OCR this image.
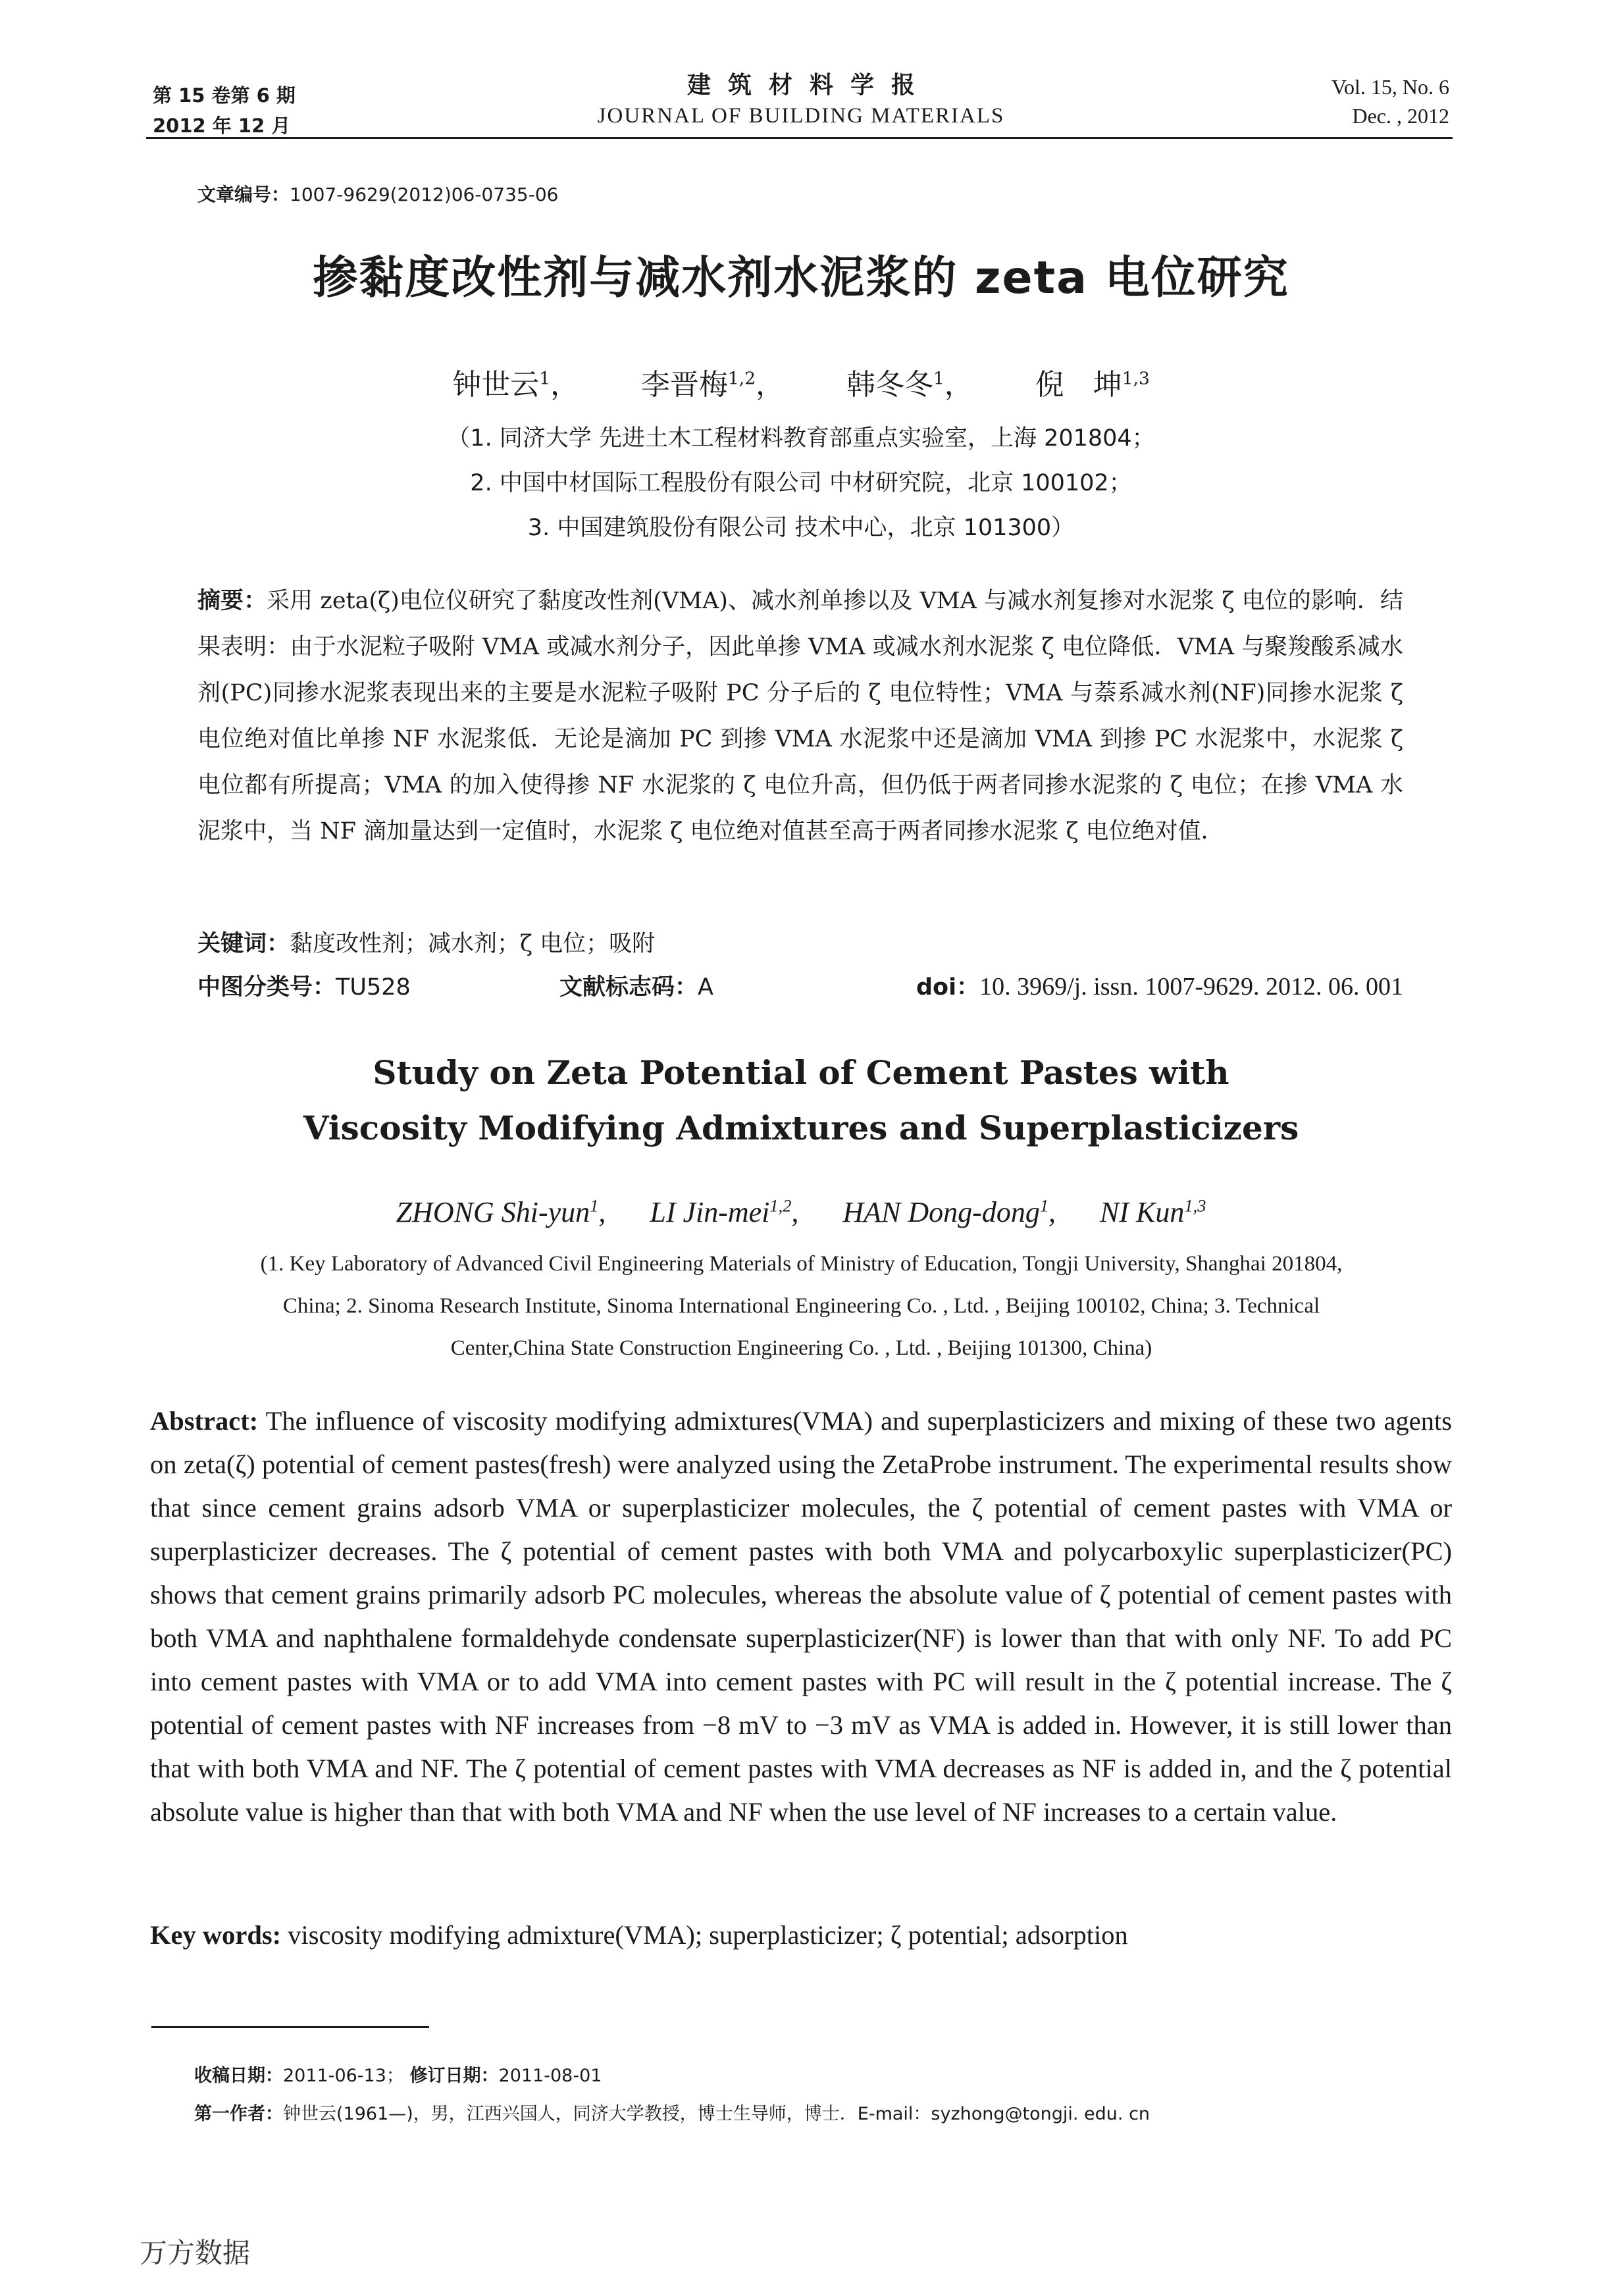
第 15 卷第 6 期
2012 年 12 月
建筑材料学报
JOURNAL OF BUILDING MATERIALS
Vol. 15, No. 6
Dec. , 2012
文章编号：1007-9629(2012)06-0735-06
掺黏度改性剂与减水剂水泥浆的 zeta 电位研究
钟世云$^1$， 李晋梅$^{1,2}$， 韩冬冬$^1$， 倪　坤$^{1,3}$
（1. 同济大学 先进土木工程材料教育部重点实验室，上海 201804；
2. 中国中材国际工程股份有限公司 中材研究院，北京 100102；
3. 中国建筑股份有限公司 技术中心，北京 101300）
摘要：采用 zeta(ζ)电位仪研究了黏度改性剂(VMA)、减水剂单掺以及 VMA 与减水剂复掺对水泥浆 ζ 电位的影响．结果表明：由于水泥粒子吸附 VMA 或减水剂分子，因此单掺 VMA 或减水剂水泥浆 ζ 电位降低．VMA 与聚羧酸系减水剂(PC)同掺水泥浆表现出来的主要是水泥粒子吸附 PC 分子后的 ζ 电位特性；VMA 与萘系减水剂(NF)同掺水泥浆 ζ 电位绝对值比单掺 NF 水泥浆低．无论是滴加 PC 到掺 VMA 水泥浆中还是滴加 VMA 到掺 PC 水泥浆中，水泥浆 ζ 电位都有所提高；VMA 的加入使得掺 NF 水泥浆的 ζ 电位升高，但仍低于两者同掺水泥浆的 ζ 电位；在掺 VMA 水泥浆中，当 NF 滴加量达到一定值时，水泥浆 ζ 电位绝对值甚至高于两者同掺水泥浆 ζ 电位绝对值．
关键词：黏度改性剂；减水剂；ζ 电位；吸附
中图分类号：TU528	文献标志码：A	doi：10. 3969/j. issn. 1007-9629. 2012. 06. 001
Study on Zeta Potential of Cement Pastes with
Viscosity Modifying Admixtures and Superplasticizers
ZHONG Shi-yun$^1$, LI Jin-mei$^{1,2}$, HAN Dong-dong$^1$, NI Kun$^{1,3}$
(1. Key Laboratory of Advanced Civil Engineering Materials of Ministry of Education, Tongji University, Shanghai 201804,
China; 2. Sinoma Research Institute, Sinoma International Engineering Co. , Ltd. , Beijing 100102, China; 3. Technical
Center,China State Construction Engineering Co. , Ltd. , Beijing 101300, China)
Abstract: The influence of viscosity modifying admixtures(VMA) and superplasticizers and mixing of these two agents on zeta(ζ) potential of cement pastes(fresh) were analyzed using the ZetaProbe instrument. The experimental results show that since cement grains adsorb VMA or superplasticizer molecules, the ζ potential of cement pastes with VMA or superplasticizer decreases. The ζ potential of cement pastes with both VMA and polycarboxylic superplasticizer(PC) shows that cement grains primarily adsorb PC molecules, whereas the absolute value of ζ potential of cement pastes with both VMA and naphthalene formaldehyde condensate superplasticizer(NF) is lower than that with only NF. To add PC into cement pastes with VMA or to add VMA into cement pastes with PC will result in the ζ potential increase. The ζ potential of cement pastes with NF increases from −8 mV to −3 mV as VMA is added in. However, it is still lower than that with both VMA and NF. The ζ potential of cement pastes with VMA decreases as NF is added in, and the ζ potential absolute value is higher than that with both VMA and NF when the use level of NF increases to a certain value.
Key words: viscosity modifying admixture(VMA); superplasticizer; ζ potential; adsorption
收稿日期：2011-06-13； 修订日期：2011-08-01
第一作者：钟世云(1961—)，男，江西兴国人，同济大学教授，博士生导师，博士．E-mail：syzhong@tongji. edu. cn
万方数据
